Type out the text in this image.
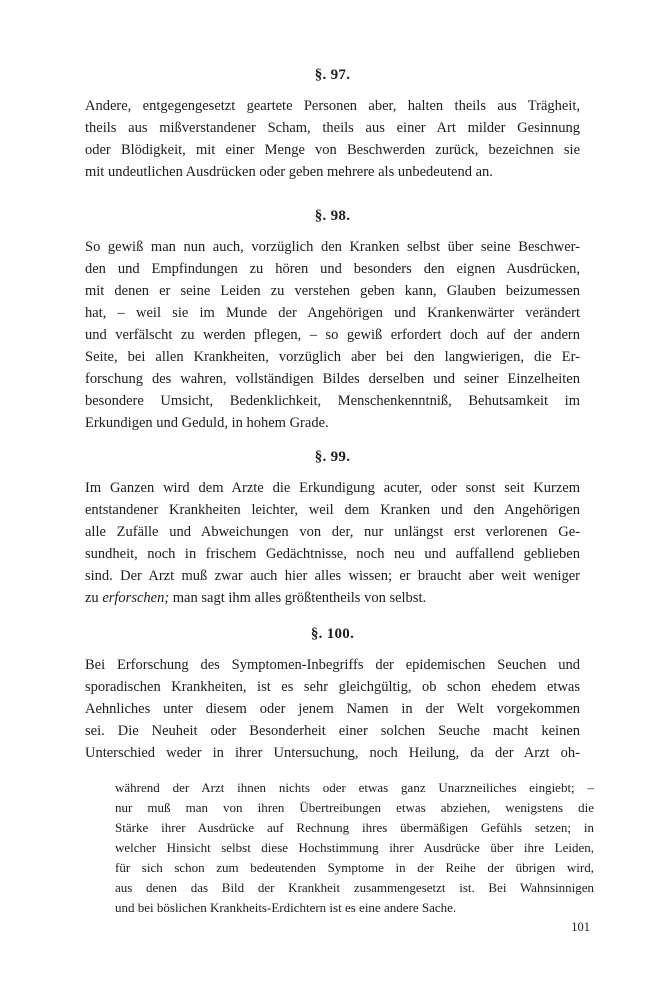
§. 97.

Andere, entgegengesetzt geartete Personen aber, halten theils aus Trägheit,
theils aus mißverstandener Scham, theils aus einer Art milder Gesinnung
oder Blödigkeit, mit einer Menge von Beschwerden zurück, bezeichnen sie
mit undeutlichen Ausdrücken oder geben mehrere als unbedeutend an.

§. 98.

So gewiß man nun auch, vorzüglich den Kranken selbst über seine Beschwer-
den und Empfindungen zu hören und besonders den eignen Ausdrücken,
mit denen er seine Leiden zu verstehen geben kann, Glauben beizumessen
hat, – weil sie im Munde der Angehörigen und Krankenwärter verändert
und verfälscht zu werden pflegen, – so gewiß erfordert doch auf der andern
Seite, bei allen Krankheiten, vorzüglich aber bei den langwierigen, die Er-
forschung des wahren, vollständigen Bildes derselben und seiner Einzelheiten
besondere Umsicht, Bedenklichkeit, Menschenkenntniß, Behutsamkeit im
Erkundigen und Geduld, in hohem Grade.

§. 99.

Im Ganzen wird dem Arzte die Erkundigung acuter, oder sonst seit Kurzem
entstandener Krankheiten leichter, weil dem Kranken und den Angehörigen
alle Zufälle und Abweichungen von der, nur unlängst erst verlorenen Ge-
sundheit, noch in frischem Gedächtnisse, noch neu und auffallend geblieben
sind. Der Arzt muß zwar auch hier alles wissen; er braucht aber weit weniger
zu erforschen; man sagt ihm alles größtentheils von selbst.

§. 100.

Bei Erforschung des Symptomen-Inbegriffs der epidemischen Seuchen und
sporadischen Krankheiten, ist es sehr gleichgültig, ob schon ehedem etwas
Aehnliches unter diesem oder jenem Namen in der Welt vorgekommen
sei. Die Neuheit oder Besonderheit einer solchen Seuche macht keinen
Unterschied weder in ihrer Untersuchung, noch Heilung, da der Arzt oh-

während der Arzt ihnen nichts oder etwas ganz Unarzneiliches eingiebt; –
nur muß man von ihren Übertreibungen etwas abziehen, wenigstens die
Stärke ihrer Ausdrücke auf Rechnung ihres übermäßigen Gefühls setzen; in
welcher Hinsicht selbst diese Hochstimmung ihrer Ausdrücke über ihre Leiden,
für sich schon zum bedeutenden Symptome in der Reihe der übrigen wird,
aus denen das Bild der Krankheit zusammengesetzt ist. Bei Wahnsinnigen
und bei böslichen Krankheits-Erdichtern ist es eine andere Sache.
101
